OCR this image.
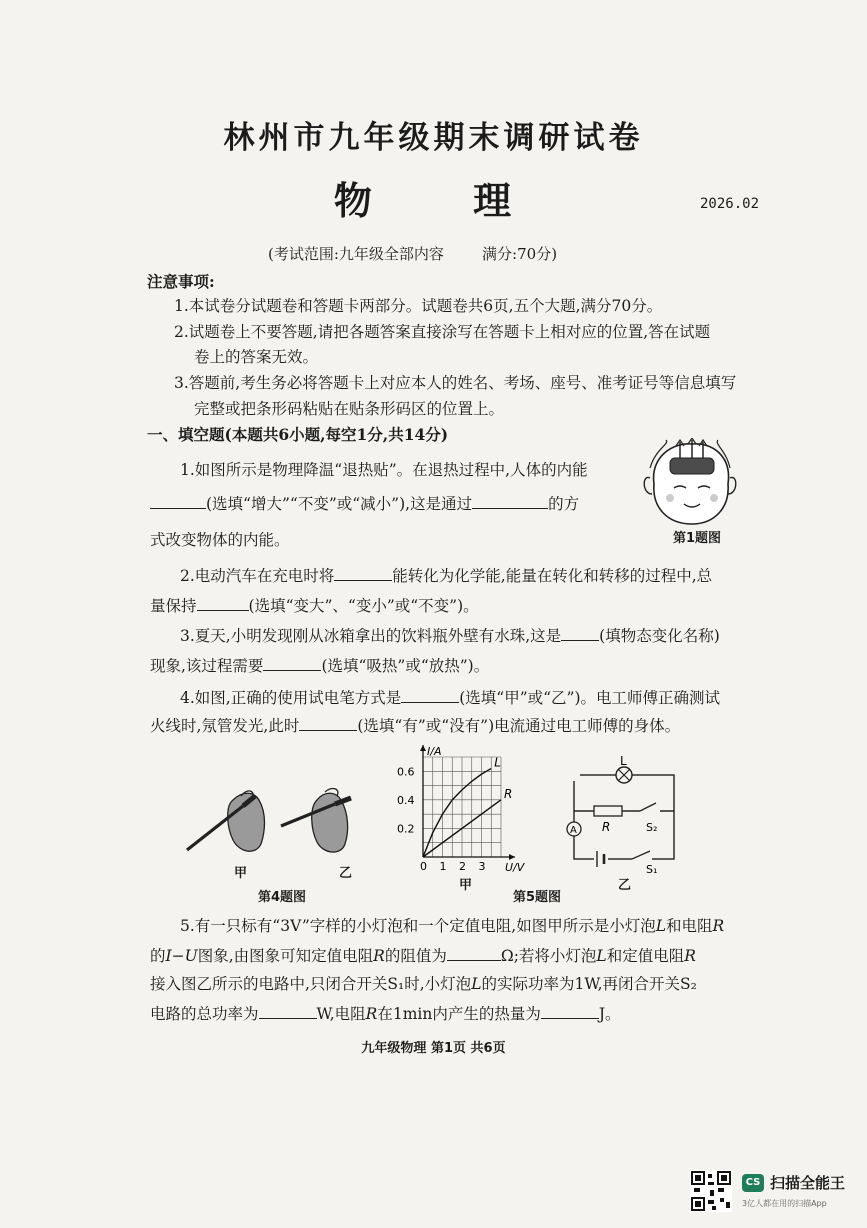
林州市九年级期末调研试卷
物 理	2026.02
(考试范围:九年级全部内容        满分:70分)
注意事项:
1.本试卷分试题卷和答题卡两部分。试题卷共6页,五个大题,满分70分。
2.试题卷上不要答题,请把各题答案直接涂写在答题卡上相对应的位置,答在试题
卷上的答案无效。
3.答题前,考生务必将答题卡上对应本人的姓名、考场、座号、准考证号等信息填写
完整或把条形码粘贴在贴条形码区的位置上。
一、填空题(本题共6小题,每空1分,共14分)
1.如图所示是物理降温“退热贴”。在退热过程中,人体的内能
(选填“增大”“不变”或“减小”),这是通过	的方
式改变物体的内能。	第1题图
2.电动汽车在充电时将	能转化为化学能,能量在转化和转移的过程中,总
量保持	(选填“变大”、“变小”或“不变”)。
3.夏天,小明发现刚从冰箱拿出的饮料瓶外壁有水珠,这是 (填物态变化名称)
现象,该过程需要	(选填“吸热”或“放热”)。
4.如图,正确的使用试电笔方式是	(选填“甲”或“乙”)。电工师傅正确测试
火线时,氖管发光,此时	(选填“有”或“没有”)电流通过电工师傅的身体。
甲	乙
第4题图
U/V
I/A
0 1 2 3
0.2
0.4
0.6
L
R
甲
L
R	S₂
A
S₁
乙
第5题图
5.有一只标有“3V”字样的小灯泡和一个定值电阻,如图甲所示是小灯泡L和电阻R
的I−U图象,由图象可知定值电阻R的阻值为	Ω;若将小灯泡L和定值电阻R
接入图乙所示的电路中,只闭合开关S₁时,小灯泡L的实际功率为1W,再闭合开关S₂
电路的总功率为	W,电阻R在1min内产生的热量为	J。
九年级物理 第1页 共6页
CS 扫描全能王
3亿人都在用的扫描App
